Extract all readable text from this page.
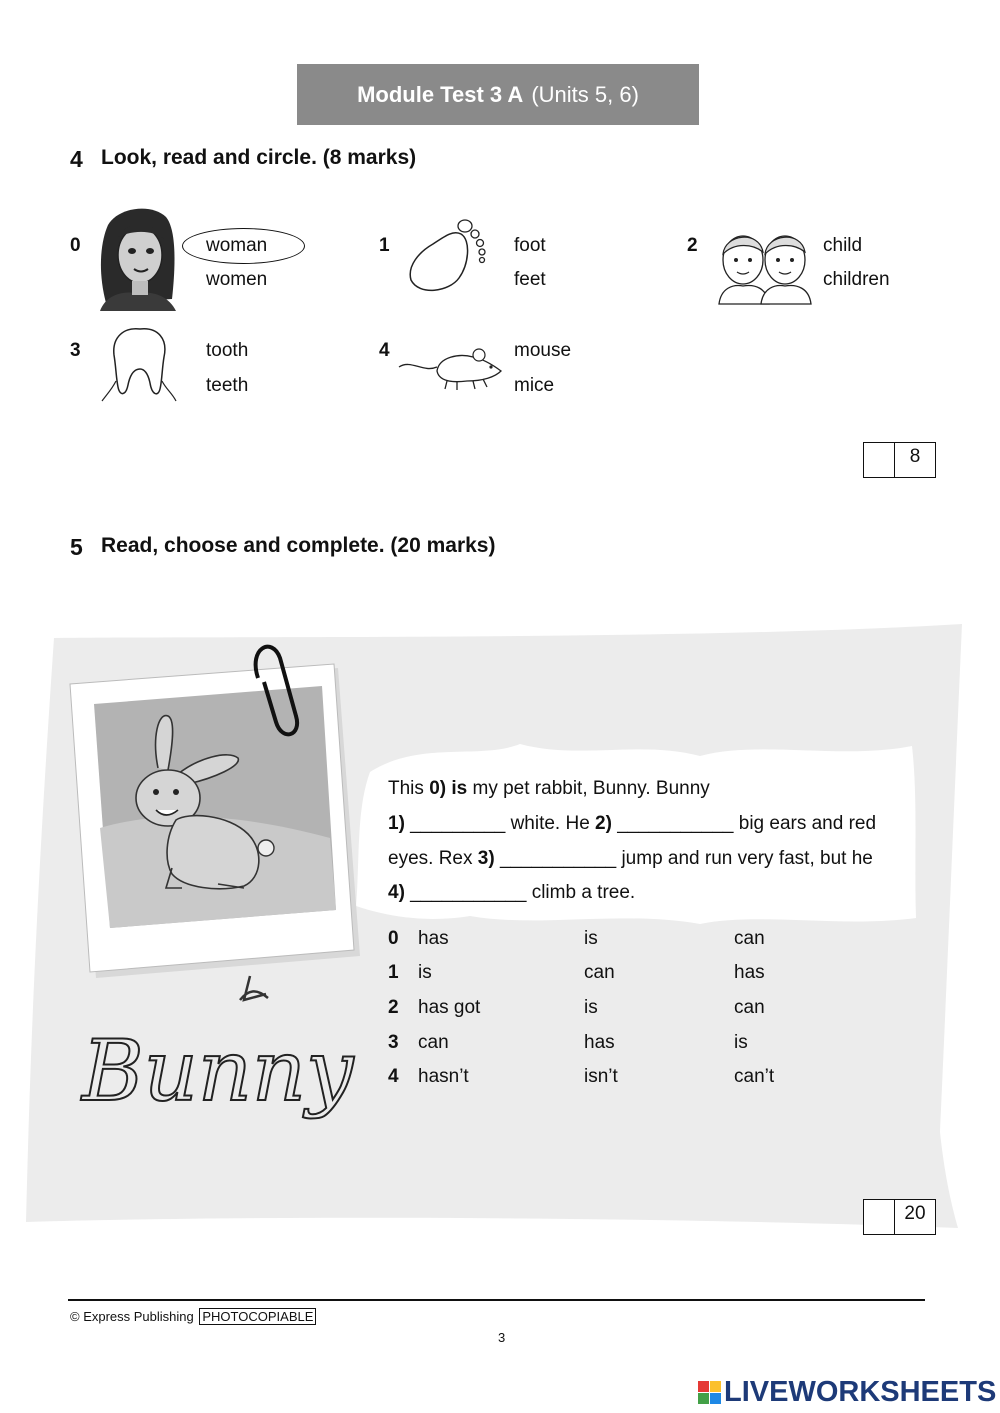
Module Test 3 A (Units 5, 6)
4 Look, read and circle. (8 marks)
0	woman
women
1	foot
feet
2	child
children
3	tooth
teeth
4	mouse
mice
8
5 Read, choose and complete. (20 marks)
Bunny
This 0) is my pet rabbit, Bunny. Bunny
1) _________ white. He 2) ___________ big ears and red
eyes. Rex 3) ___________ jump and run very fast, but he
4) ___________ climb a tree.
0 has	is	can
1 is	can	has
2 has got	is	can
3 can	has	is
4 hasn’t	isn’t	can’t
20
© Express Publishing PHOTOCOPIABLE
3
LIVEWORKSHEETS
